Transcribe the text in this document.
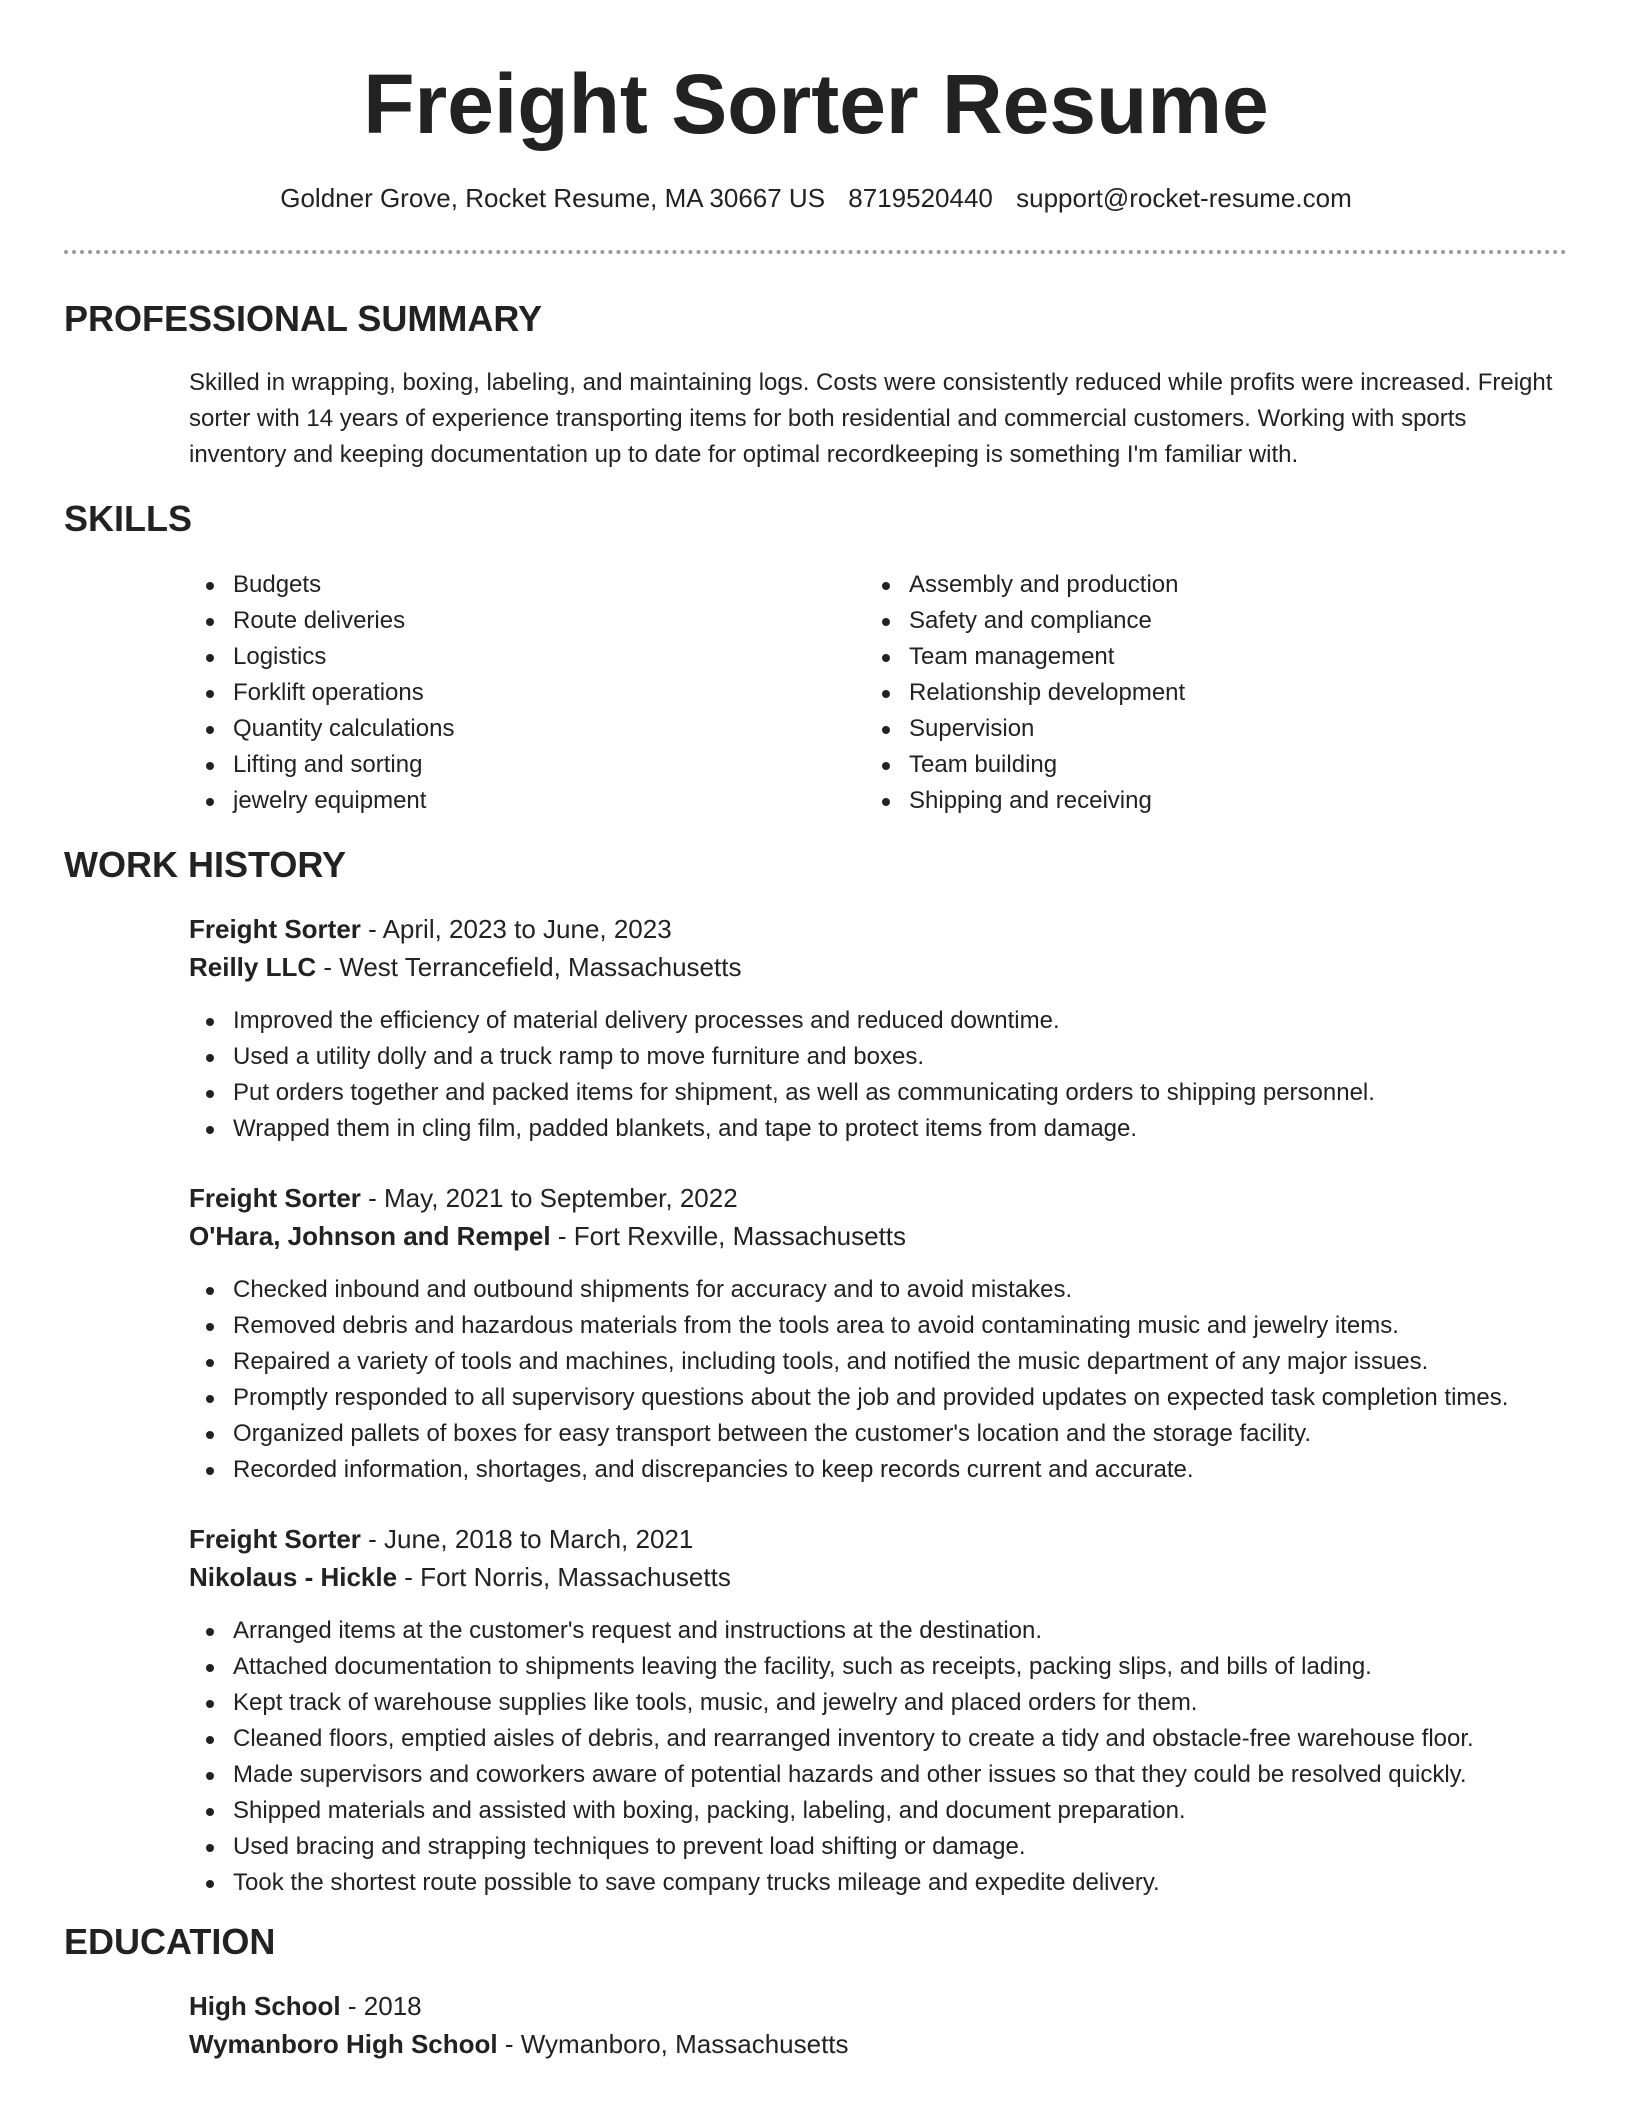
Freight Sorter Resume
Goldner Grove, Rocket Resume, MA 30667 US 8719520440 support@rocket-resume.com
PROFESSIONAL SUMMARY

Skilled in wrapping, boxing, labeling, and maintaining logs. Costs were consistently reduced while profits were increased. Freight sorter with 14 years of experience transporting items for both residential and commercial customers. Working with sports inventory and keeping documentation up to date for optimal recordkeeping is something I'm familiar with.

SKILLS
Budgets
Route deliveries
Logistics
Forklift operations
Quantity calculations
Lifting and sorting
jewelry equipment
Assembly and production
Safety and compliance
Team management
Relationship development
Supervision
Team building
Shipping and receiving
WORK HISTORY
Freight Sorter - April, 2023 to June, 2023
Reilly LLC - West Terrancefield, Massachusetts
Improved the efficiency of material delivery processes and reduced downtime.
Used a utility dolly and a truck ramp to move furniture and boxes.
Put orders together and packed items for shipment, as well as communicating orders to shipping personnel.
Wrapped them in cling film, padded blankets, and tape to protect items from damage.
Freight Sorter - May, 2021 to September, 2022
O'Hara, Johnson and Rempel - Fort Rexville, Massachusetts
Checked inbound and outbound shipments for accuracy and to avoid mistakes.
Removed debris and hazardous materials from the tools area to avoid contaminating music and jewelry items.
Repaired a variety of tools and machines, including tools, and notified the music department of any major issues.
Promptly responded to all supervisory questions about the job and provided updates on expected task completion times.
Organized pallets of boxes for easy transport between the customer's location and the storage facility.
Recorded information, shortages, and discrepancies to keep records current and accurate.
Freight Sorter - June, 2018 to March, 2021
Nikolaus - Hickle - Fort Norris, Massachusetts
Arranged items at the customer's request and instructions at the destination.
Attached documentation to shipments leaving the facility, such as receipts, packing slips, and bills of lading.
Kept track of warehouse supplies like tools, music, and jewelry and placed orders for them.
Cleaned floors, emptied aisles of debris, and rearranged inventory to create a tidy and obstacle-free warehouse floor.
Made supervisors and coworkers aware of potential hazards and other issues so that they could be resolved quickly.
Shipped materials and assisted with boxing, packing, labeling, and document preparation.
Used bracing and strapping techniques to prevent load shifting or damage.
Took the shortest route possible to save company trucks mileage and expedite delivery.
EDUCATION
High School - 2018
Wymanboro High School - Wymanboro, Massachusetts
